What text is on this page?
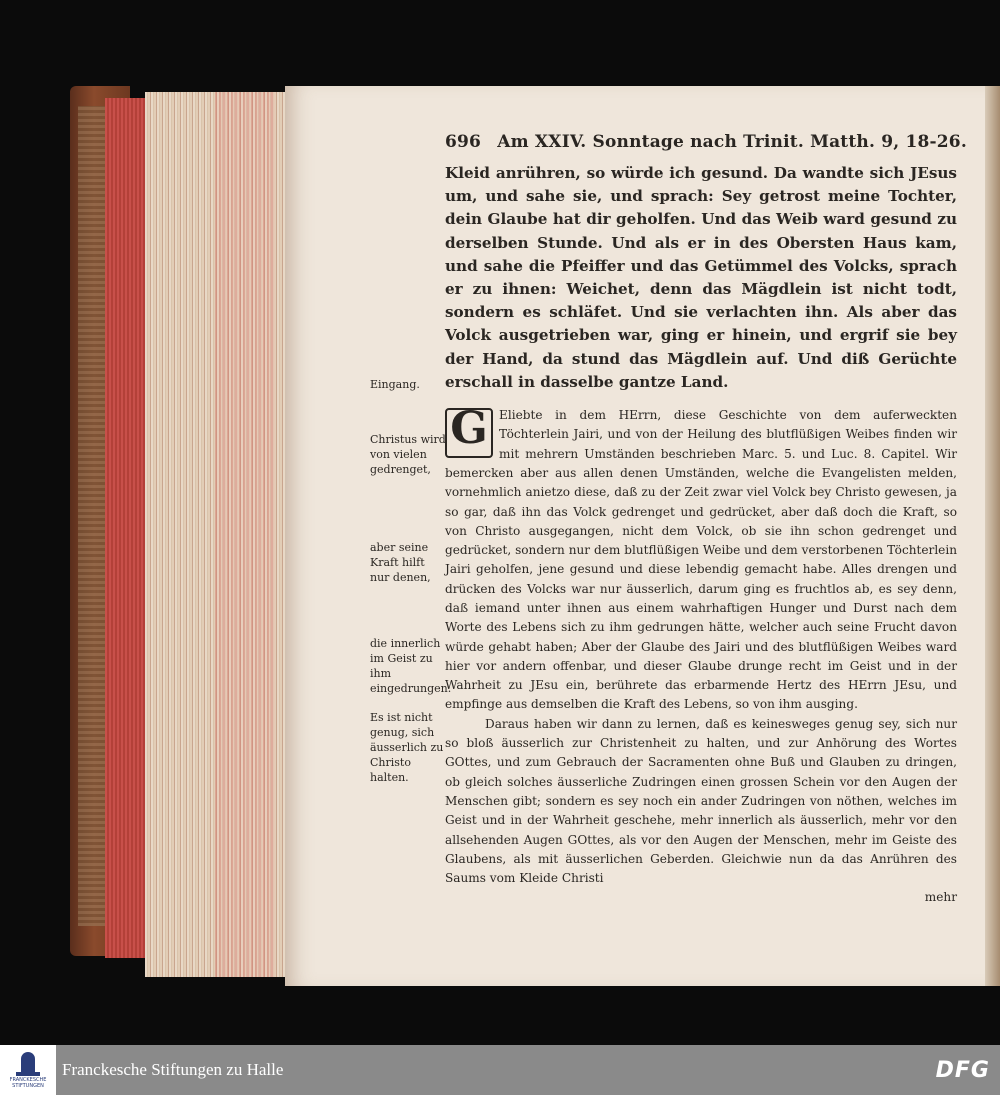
Eingang.
Christus wird von vielen gedrenget,
aber seine Kraft hilft nur denen,
die innerlich im Geist zu ihm eingedrungen.
Es ist nicht genug, sich äusserlich zu Christo halten.
696 Am XXIV. Sonntage nach Trinit. Matth. 9, 18-26.
Kleid anrühren, so würde ich gesund. Da wandte sich JEsus um, und sahe sie, und sprach: Sey getrost meine Tochter, dein Glaube hat dir geholfen. Und das Weib ward gesund zu derselben Stunde. Und als er in des Obersten Haus kam, und sahe die Pfeiffer und das Getümmel des Volcks, sprach er zu ihnen: Weichet, denn das Mägdlein ist nicht todt, sondern es schläfet. Und sie verlachten ihn. Als aber das Volck ausgetrieben war, ging er hinein, und ergrif sie bey der Hand, da stund das Mägdlein auf. Und diß Gerüchte erschall in dasselbe gantze Land.

G Eliebte in dem HErrn, diese Geschichte von dem auferweckten Töchterlein Jairi, und von der Heilung des blutflüßigen Weibes finden wir mit mehrern Umständen beschrieben Marc. 5. und Luc. 8. Capitel. Wir bemercken aber aus allen denen Umständen, welche die Evangelisten melden, vornehmlich anietzo diese, daß zu der Zeit zwar viel Volck bey Christo gewesen, ja so gar, daß ihn das Volck gedrenget und gedrücket, aber daß doch die Kraft, so von Christo ausgegangen, nicht dem Volck, ob sie ihn schon gedrenget und gedrücket, sondern nur dem blutflüßigen Weibe und dem verstorbenen Töchterlein Jairi geholfen, jene gesund und diese lebendig gemacht habe. Alles drengen und drücken des Volcks war nur äusserlich, darum ging es fruchtlos ab, es sey denn, daß iemand unter ihnen aus einem wahrhaftigen Hunger und Durst nach dem Worte des Lebens sich zu ihm gedrungen hätte, welcher auch seine Frucht davon würde gehabt haben; Aber der Glaube des Jairi und des blutflüßigen Weibes ward hier vor andern offenbar, und dieser Glaube drunge recht im Geist und in der Wahrheit zu JEsu ein, berührete das erbarmende Hertz des HErrn JEsu, und empfinge aus demselben die Kraft des Lebens, so von ihm ausging.

Daraus haben wir dann zu lernen, daß es keinesweges genug sey, sich nur so bloß äusserlich zur Christenheit zu halten, und zur Anhörung des Wortes GOttes, und zum Gebrauch der Sacramenten ohne Buß und Glauben zu dringen, ob gleich solches äusserliche Zudringen einen grossen Schein vor den Augen der Menschen gibt; sondern es sey noch ein ander Zudringen von nöthen, welches im Geist und in der Wahrheit geschehe, mehr innerlich als äusserlich, mehr vor den allsehenden Augen GOttes, als vor den Augen der Menschen, mehr im Geiste des Glaubens, als mit äusserlichen Geberden. Gleichwie nun da das Anrühren des Saums vom Kleide Christi

mehr

FRANCKESCHE STIFTUNGEN
Franckesche Stiftungen zu Halle	DFG
